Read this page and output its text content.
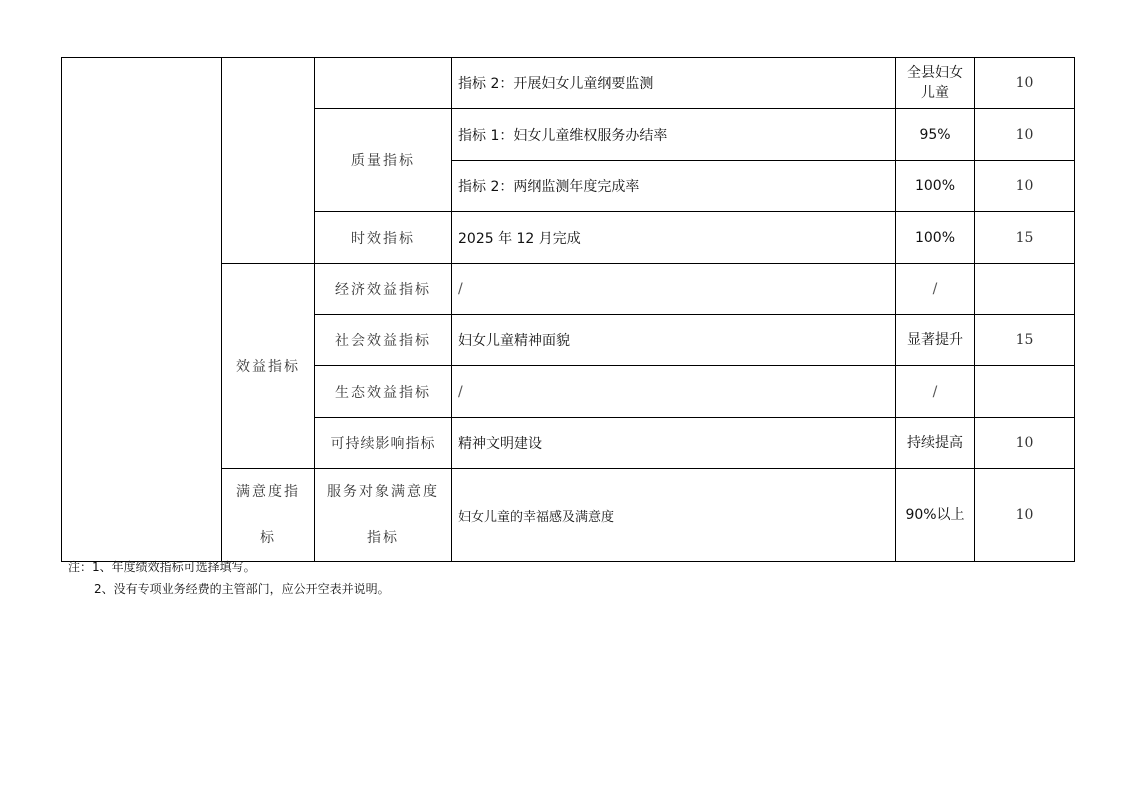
			指标 2：开展妇女儿童纲要监测	全县妇女儿童	10
		质量指标	指标 1：妇女儿童维权服务办结率	95%	10
			指标 2：两纲监测年度完成率	100%	10
		时效指标	2025 年 12 月完成	100%	15
	效益指标	经济效益指标	/	/	
		社会效益指标	妇女儿童精神面貌	显著提升	15
		生态效益指标	/	/	
		可持续影响指标	精神文明建设	持续提高	10
	满意度指标	服务对象满意度指标	妇女儿童的幸福感及满意度	90%以上	10
注：1、年度绩效指标可选择填写。
2、没有专项业务经费的主管部门，应公开空表并说明。
